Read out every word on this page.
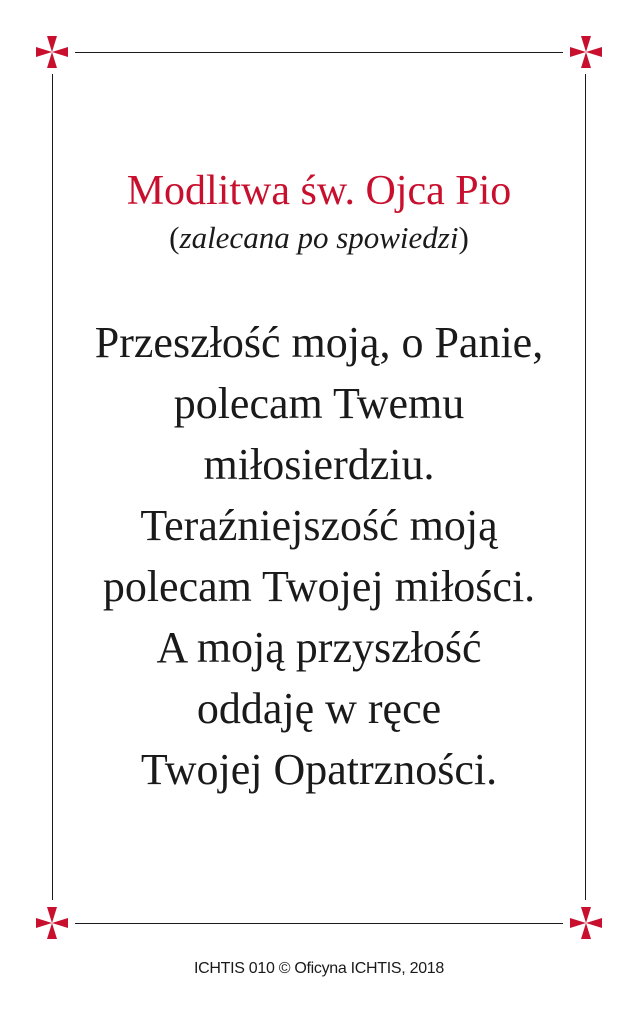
Modlitwa św. Ojca Pio
(zalecana po spowiedzi)
Przeszłość moją, o Panie,
polecam Twemu
miłosierdziu.
Teraźniejszość moją
polecam Twojej miłości.
A moją przyszłość
oddaję w ręce
Twojej Opatrzności.
ICHTIS 010 © Oficyna ICHTIS, 2018
